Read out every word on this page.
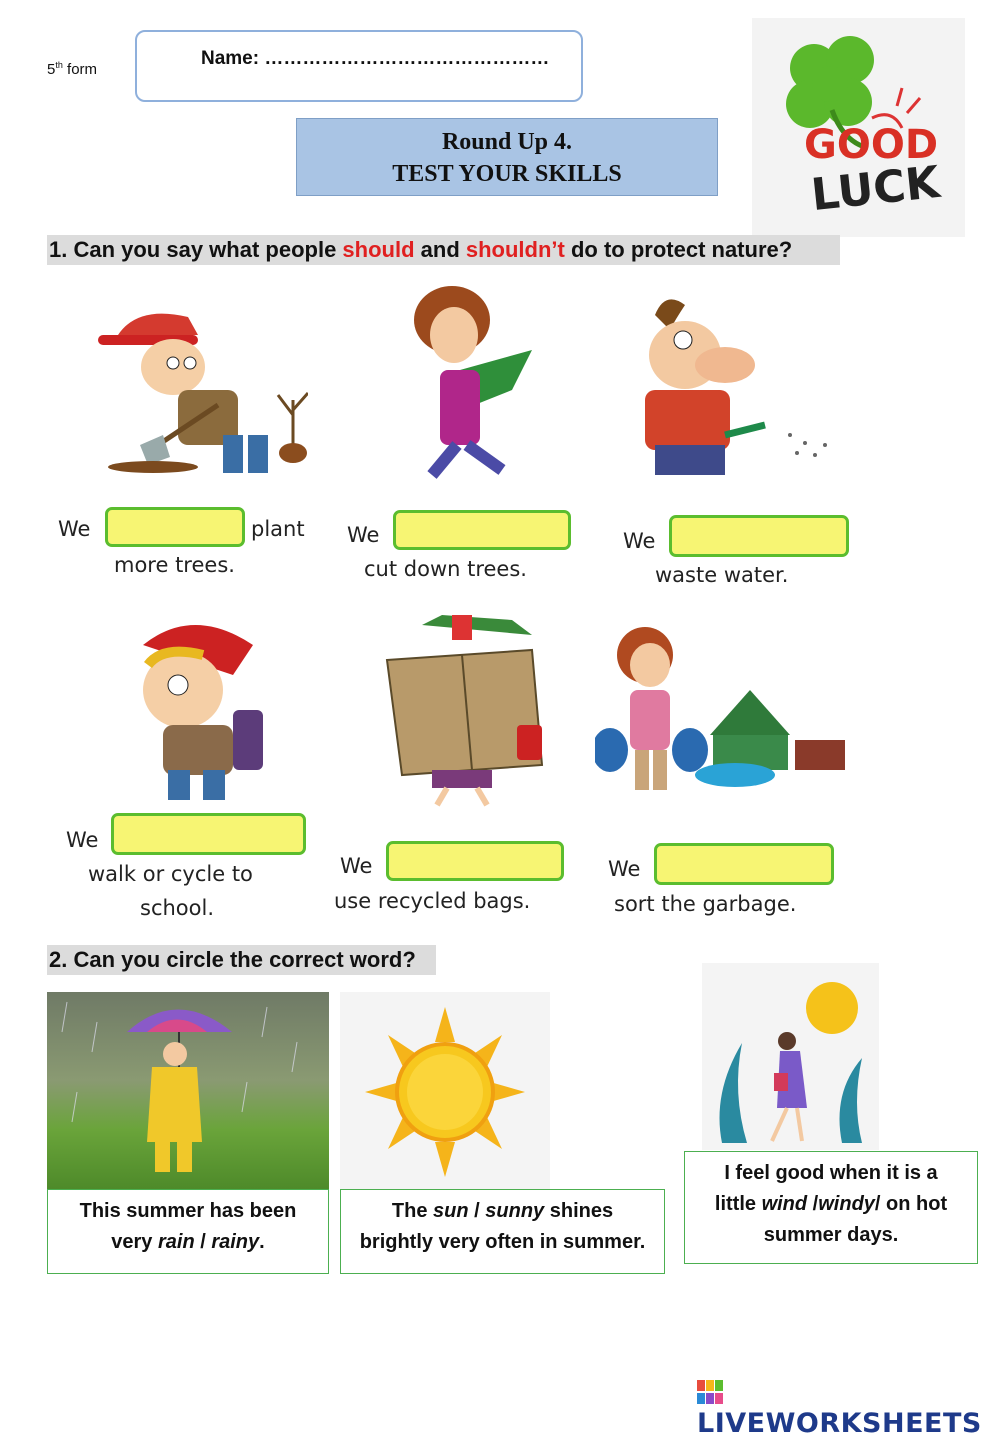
5th form
Name: ………………………………………
Round Up 4.
TEST YOUR SKILLS
GOOD
LUCK
1. Can you say what people should and shouldn’t do to protect nature?
We	plant
more trees.
We
cut down trees.
We
waste water.
We
walk or cycle to
school.
We
use recycled bags.
We
sort the garbage.
2. Can you circle the correct word?
This summer has been
very rain / rainy.
The sun / sunny shines
brightly very often in summer.
I feel good when it is a
little wind /windy/ on hot
summer days.
LIVEWORKSHEETS
